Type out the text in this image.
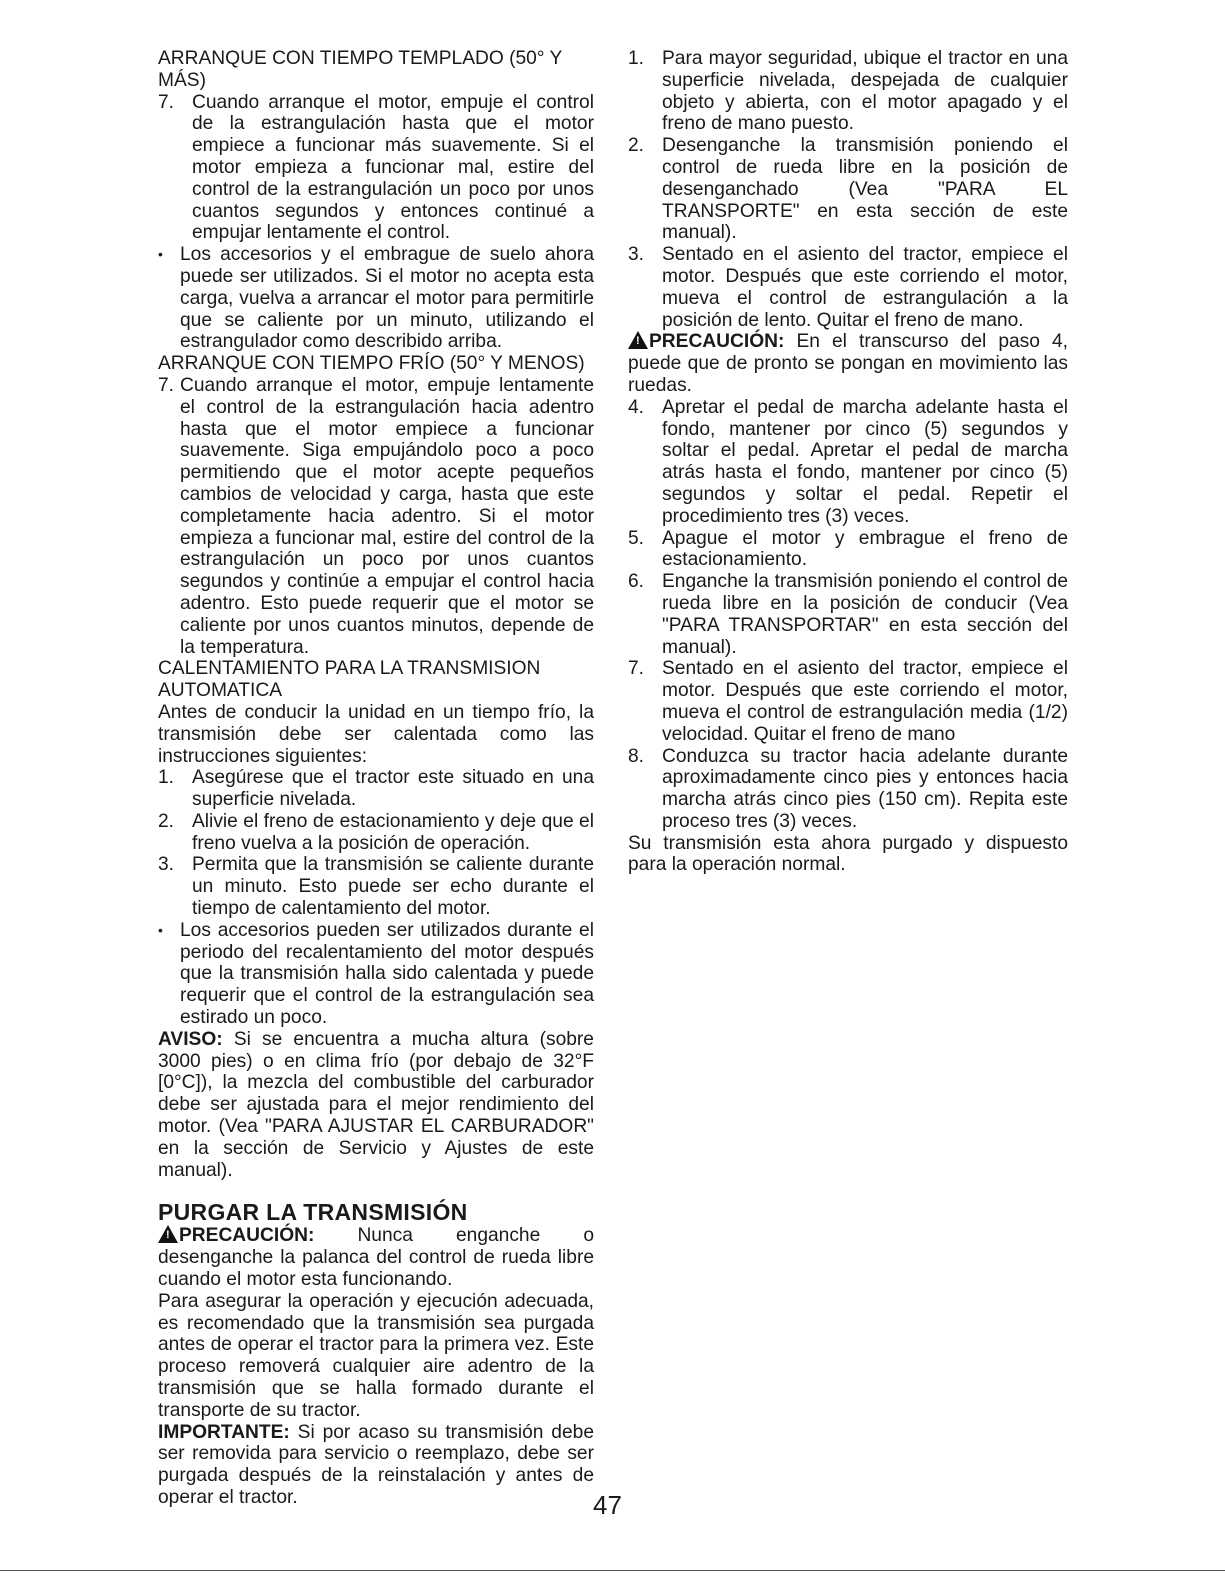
ARRANQUE CON TIEMPO TEMPLADO (50° Y MÁS)

7. Cuando arranque el motor, empuje el control de la estrangulación hasta que el motor empiece a funcionar más suavemente. Si el motor empieza a funcionar mal, estire del control de la estrangulación un poco por unos cuantos segundos y entonces continué a empujar lentamente el control.
• Los accesorios y el embrague de suelo ahora puede ser utilizados. Si el motor no acepta esta carga, vuelva a arrancar el motor para permitirle que se caliente por un minuto, utilizando el estrangulador como describido arriba.

ARRANQUE CON TIEMPO FRÍO (50° Y MENOS)

7. Cuando arranque el motor, empuje lentamente el control de la estrangulación hacia adentro hasta que el motor empiece a funcionar suavemente. Siga empujándolo poco a poco permitiendo que el motor acepte pequeños cambios de velocidad y carga, hasta que este completamente hacia adentro. Si el motor empieza a funcionar mal, estire del control de la estrangulación un poco por unos cuantos segundos y continúe a empujar el control hacia adentro. Esto puede requerir que el motor se caliente por unos cuantos minutos, depende de la temperatura.

CALENTAMIENTO PARA LA TRANSMISION AUTOMATICA

Antes de conducir la unidad en un tiempo frío, la transmisión debe ser calentada como las instrucciones siguientes:

1. Asegúrese que el tractor este situado en una superficie nivelada.
2. Alivie el freno de estacionamiento y deje que el freno vuelva a la posición de operación.
3. Permita que la transmisión se caliente durante un minuto. Esto puede ser echo durante el tiempo de calentamiento del motor.
• Los accesorios pueden ser utilizados durante el periodo del recalentamiento del motor después que la transmisión halla sido calentada y puede requerir que el control de la estrangulación sea estirado un poco.

AVISO: Si se encuentra a mucha altura (sobre 3000 pies) o en clima frío (por debajo de 32°F [0°C]), la mezcla del combustible del carburador debe ser ajustada para el mejor rendimiento del motor. (Vea "PARA AJUSTAR EL CARBURADOR" en la sección de Servicio y Ajustes de este manual).

PURGAR LA TRANSMISIÓN

!PRECAUCIÓN: Nunca enganche o desenganche la palanca del control de rueda libre cuando el motor esta funcionando.

Para asegurar la operación y ejecución adecuada, es recomendado que la transmisión sea purgada antes de operar el tractor para la primera vez. Este proceso removerá cualquier aire adentro de la transmisión que se halla formado durante el transporte de su tractor.

IMPORTANTE: Si por acaso su transmisión debe ser removida para servicio o reemplazo, debe ser purgada después de la reinstalación y antes de operar el tractor.

1. Para mayor seguridad, ubique el tractor en una superficie nivelada, despejada de cualquier objeto y abierta, con el motor apagado y el freno de mano puesto.
2. Desenganche la transmisión poniendo el control de rueda libre en la posición de desenganchado (Vea "PARA EL TRANSPORTE" en esta sección de este manual).
3. Sentado en el asiento del tractor, empiece el motor. Después que este corriendo el motor, mueva el control de estrangulación a la posición de lento. Quitar el freno de mano.

!PRECAUCIÓN: En el transcurso del paso 4, puede que de pronto se pongan en movimiento las ruedas.

4. Apretar el pedal de marcha adelante hasta el fondo, mantener por cinco (5) segundos y soltar el pedal. Apretar el pedal de marcha atrás hasta el fondo, mantener por cinco (5) segundos y soltar el pedal. Repetir el procedimiento tres (3) veces.
5. Apague el motor y embrague el freno de estacionamiento.
6. Enganche la transmisión poniendo el control de rueda libre en la posición de conducir (Vea "PARA TRANSPORTAR" en esta sección del manual).
7. Sentado en el asiento del tractor, empiece el motor. Después que este corriendo el motor, mueva el control de estrangulación media (1/2) velocidad. Quitar el freno de mano
8. Conduzca su tractor hacia adelante durante aproximadamente cinco pies y entonces hacia marcha atrás cinco pies (150 cm). Repita este proceso tres (3) veces.

Su transmisión esta ahora purgado y dispuesto para la operación normal.

47
